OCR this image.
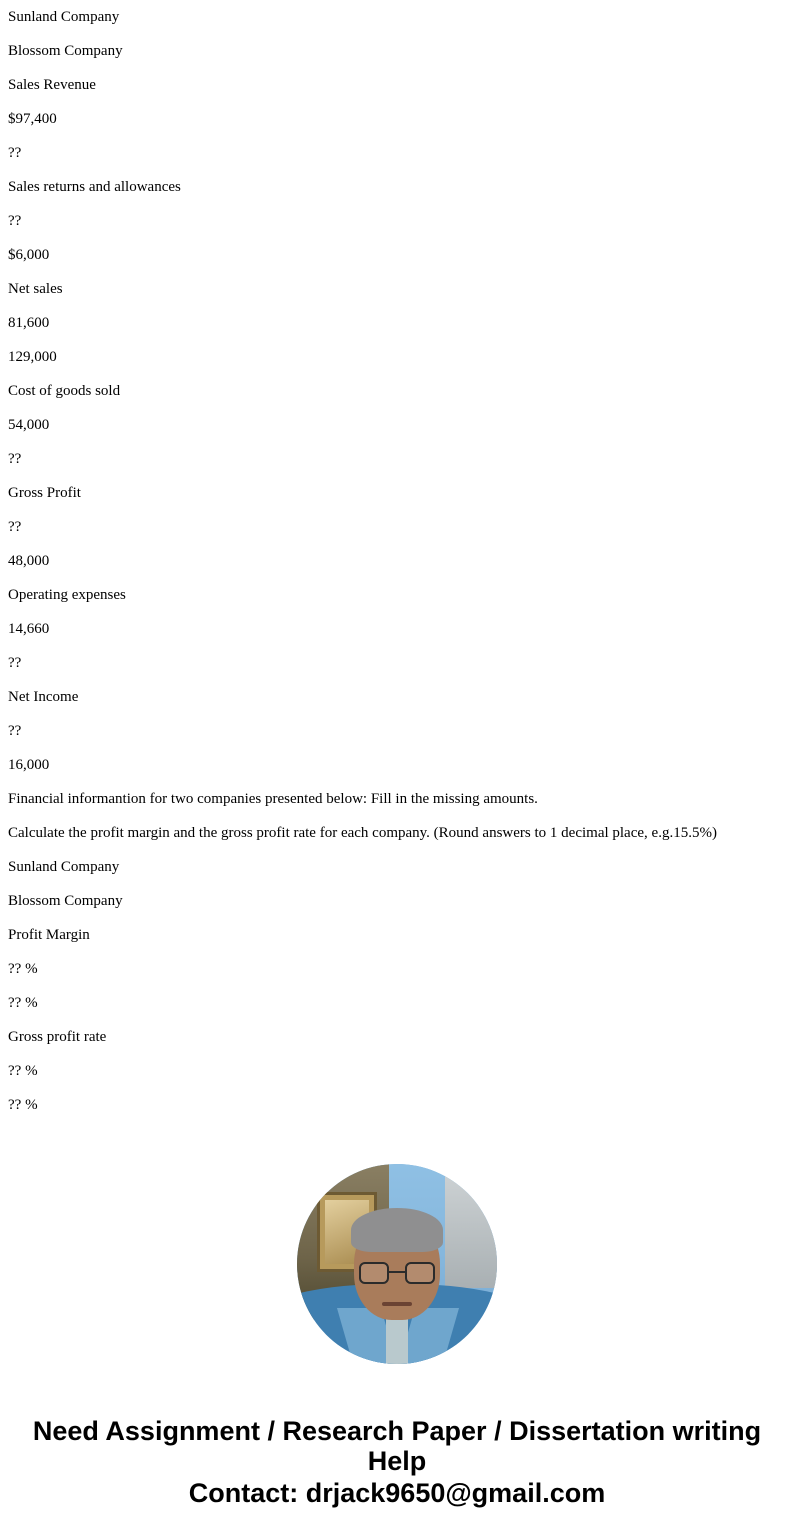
Sunland Company
Blossom Company
Sales Revenue
$97,400
??
Sales returns and allowances
??
$6,000
Net sales
81,600
129,000
Cost of goods sold
54,000
??
Gross Profit
??
48,000
Operating expenses
14,660
??
Net Income
??
16,000
Financial informantion for two companies presented below: Fill in the missing amounts.
Calculate the profit margin and the gross profit rate for each company. (Round answers to 1 decimal place, e.g.15.5%)
Sunland Company
Blossom Company
Profit Margin
?? %
?? %
Gross profit rate
?? %
?? %
Need Assignment / Research Paper / Dissertation writing Help
Contact: drjack9650@gmail.com
